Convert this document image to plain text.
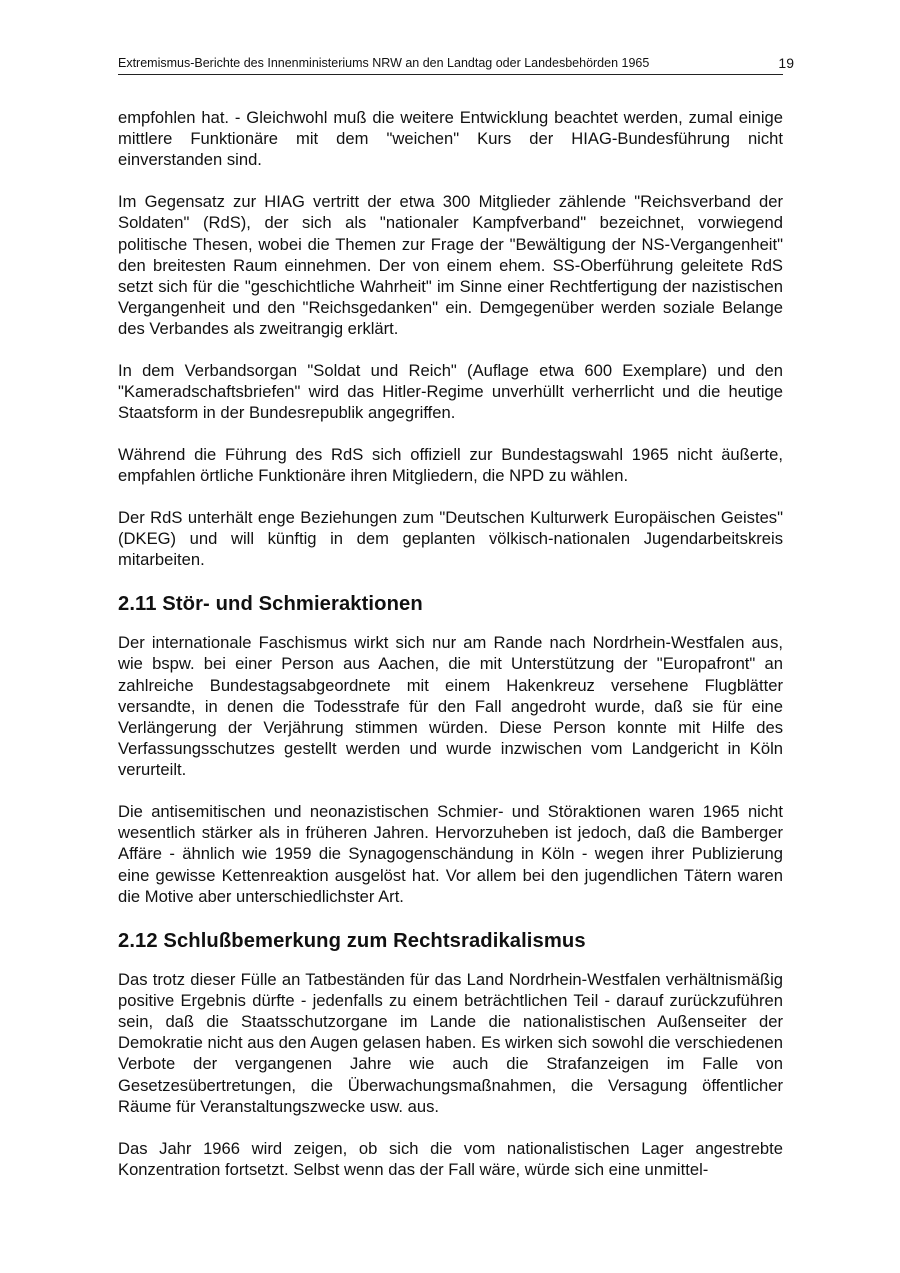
Extremismus-Berichte des Innenministeriums NRW an den Landtag oder Landesbehörden 1965	19

empfohlen hat. - Gleichwohl muß die weitere Entwicklung beachtet werden, zumal einige mittlere Funktionäre mit dem "weichen" Kurs der HIAG-Bundesführung nicht einverstanden sind.

Im Gegensatz zur HIAG vertritt der etwa 300 Mitglieder zählende "Reichsverband der Soldaten" (RdS), der sich als "nationaler Kampfverband" bezeichnet, vorwiegend politische Thesen, wobei die Themen zur Frage der "Bewältigung der NS-Vergangenheit" den breitesten Raum einnehmen. Der von einem ehem. SS-Oberführung geleitete RdS setzt sich für die "geschichtliche Wahrheit" im Sinne einer Rechtfertigung der nazistischen Vergangenheit und den "Reichsgedanken" ein. Demgegenüber werden soziale Belange des Verbandes als zweitrangig erklärt.

In dem Verbandsorgan "Soldat und Reich" (Auflage etwa 600 Exemplare) und den "Kameradschaftsbriefen" wird das Hitler-Regime unverhüllt verherrlicht und die heutige Staatsform in der Bundesrepublik angegriffen.

Während die Führung des RdS sich offiziell zur Bundestagswahl 1965 nicht äußerte, empfahlen örtliche Funktionäre ihren Mitgliedern, die NPD zu wählen.

Der RdS unterhält enge Beziehungen zum "Deutschen Kulturwerk Europäischen Geistes" (DKEG) und will künftig in dem geplanten völkisch-nationalen Jugendarbeitskreis mitarbeiten.

2.11 Stör- und Schmieraktionen

Der internationale Faschismus wirkt sich nur am Rande nach Nordrhein-Westfalen aus, wie bspw. bei einer Person aus Aachen, die mit Unterstützung der "Europafront" an zahlreiche Bundestagsabgeordnete mit einem Hakenkreuz versehene Flugblätter versandte, in denen die Todesstrafe für den Fall angedroht wurde, daß sie für eine Verlängerung der Verjährung stimmen würden. Diese Person konnte mit Hilfe des Verfassungsschutzes gestellt werden und wurde inzwischen vom Landgericht in Köln verurteilt.

Die antisemitischen und neonazistischen Schmier- und Störaktionen waren 1965 nicht wesentlich stärker als in früheren Jahren. Hervorzuheben ist jedoch, daß die Bamberger Affäre - ähnlich wie 1959 die Synagogenschändung in Köln - wegen ihrer Publizierung eine gewisse Kettenreaktion ausgelöst hat. Vor allem bei den jugendlichen Tätern waren die Motive aber unterschiedlichster Art.

2.12 Schlußbemerkung zum Rechtsradikalismus

Das trotz dieser Fülle an Tatbeständen für das Land Nordrhein-Westfalen verhältnismäßig positive Ergebnis dürfte - jedenfalls zu einem beträchtlichen Teil - darauf zurückzuführen sein, daß die Staatsschutzorgane im Lande die nationalistischen Außenseiter der Demokratie nicht aus den Augen gelasen haben. Es wirken sich sowohl die verschiedenen Verbote der vergangenen Jahre wie auch die Strafanzeigen im Falle von Gesetzesübertretungen, die Überwachungsmaßnahmen, die Versagung öffentlicher Räume für Veranstaltungszwecke usw. aus.

Das Jahr 1966 wird zeigen, ob sich die vom nationalistischen Lager angestrebte Konzentration fortsetzt. Selbst wenn das der Fall wäre, würde sich eine unmittel-
